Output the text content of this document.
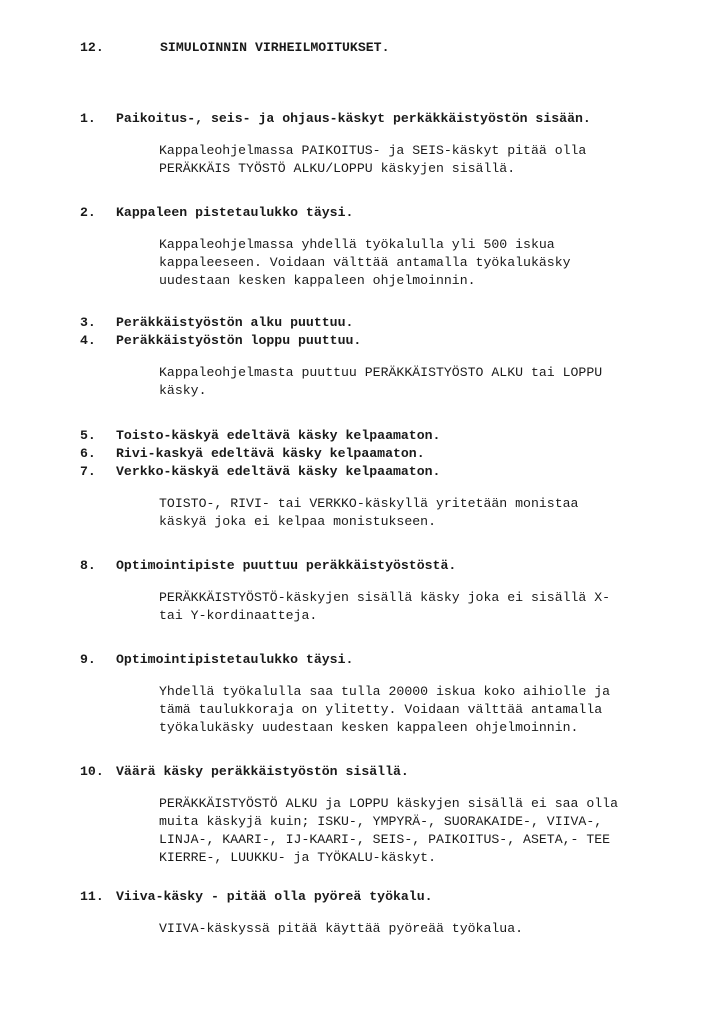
12.	SIMULOINNIN VIRHEILMOITUKSET.
1. Paikoitus-, seis- ja ohjaus-käskyt perkäkkäistyöstön sisään.
Kappaleohjelmassa PAIKOITUS- ja SEIS-käskyt pitää olla
PERÄKKÄIS TYÖSTÖ ALKU/LOPPU käskyjen sisällä.
2. Kappaleen pistetaulukko täysi.
Kappaleohjelmassa yhdellä työkalulla yli 500 iskua
kappaleeseen. Voidaan välttää antamalla työkalukäsky
uudestaan kesken kappaleen ohjelmoinnin.
3. Peräkkäistyöstön alku puuttuu.
4. Peräkkäistyöstön loppu puuttuu.
Kappaleohjelmasta puuttuu PERÄKKÄISTYÖSTO ALKU tai LOPPU
käsky.
5. Toisto-käskyä edeltävä käsky kelpaamaton.
6. Rivi-kaskyä edeltävä käsky kelpaamaton.
7. Verkko-käskyä edeltävä käsky kelpaamaton.
TOISTO-, RIVI- tai VERKKO-käskyllä yritetään monistaa
käskyä joka ei kelpaa monistukseen.
8. Optimointipiste puuttuu peräkkäistyöstöstä.
PERÄKKÄISTYÖSTÖ-käskyjen sisällä käsky joka ei sisällä X-
tai Y-kordinaatteja.
9. Optimointipistetaulukko täysi.
Yhdellä työkalulla saa tulla 20000 iskua koko aihiolle ja
tämä taulukkoraja on ylitetty. Voidaan välttää antamalla
työkalukäsky uudestaan kesken kappaleen ohjelmoinnin.
10. Väärä käsky peräkkäistyöstön sisällä.
PERÄKKÄISTYÖSTÖ ALKU ja LOPPU käskyjen sisällä ei saa olla
muita käskyjä kuin; ISKU-, YMPYRÄ-, SUORAKAIDE-, VIIVA-,
LINJA-, KAARI-, IJ-KAARI-, SEIS-, PAIKOITUS-, ASETA,- TEE
KIERRE-, LUUKKU- ja TYÖKALU-käskyt.
11. Viiva-käsky - pitää olla pyöreä työkalu.
VIIVA-käskyssä pitää käyttää pyöreää työkalua.
